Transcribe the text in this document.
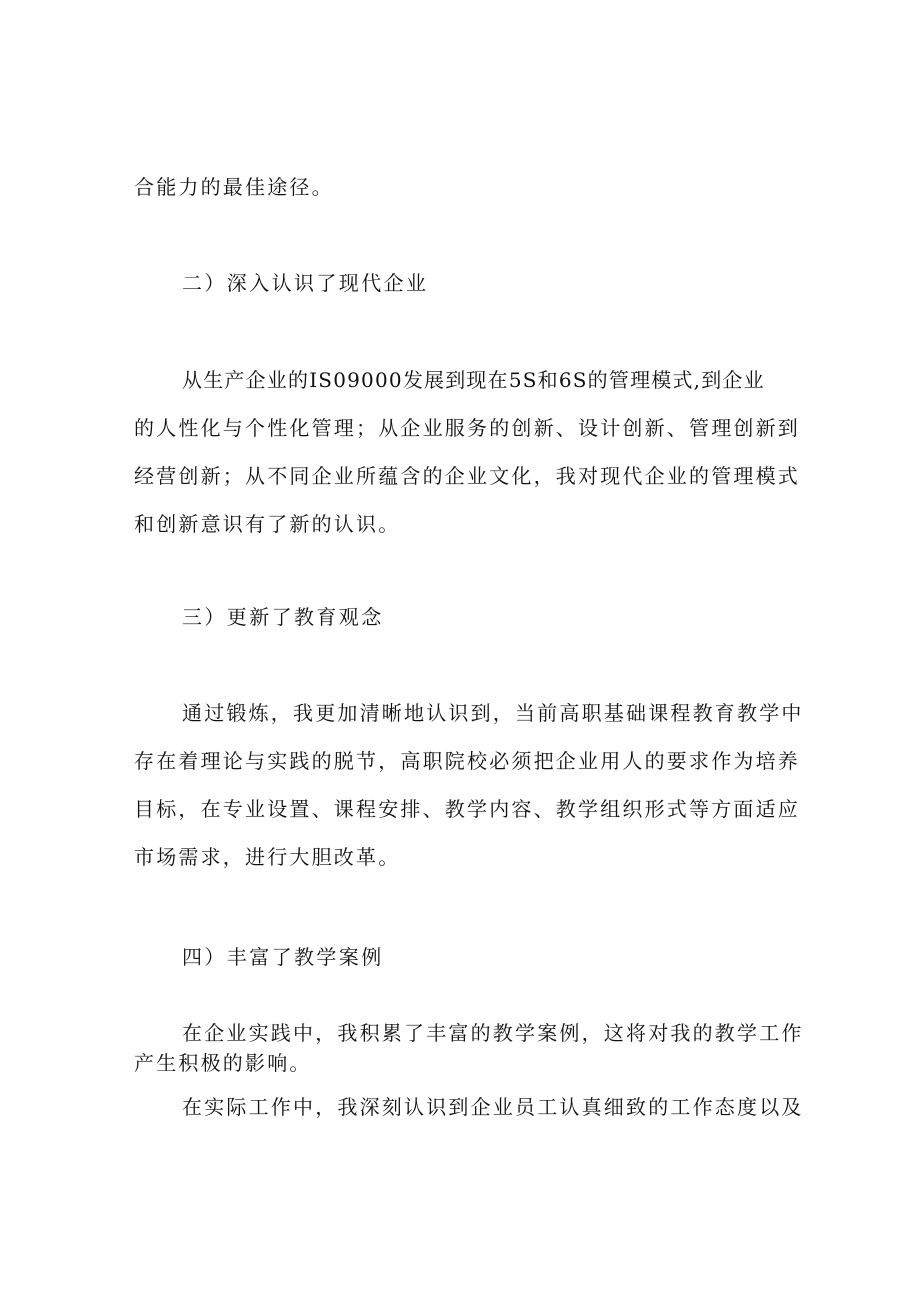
合能力的最佳途径。
二）深入认识了现代企业
从生产企业的IS09000发展到现在5S和6S的管理模式,到企业
的人性化与个性化管理；从企业服务的创新、设计创新、管理创新到
经营创新；从不同企业所蕴含的企业文化，我对现代企业的管理模式
和创新意识有了新的认识。
三）更新了教育观念
通过锻炼，我更加清晰地认识到，当前高职基础课程教育教学中
存在着理论与实践的脱节，高职院校必须把企业用人的要求作为培养
目标，在专业设置、课程安排、教学内容、教学组织形式等方面适应
市场需求，进行大胆改革。
四）丰富了教学案例
在企业实践中，我积累了丰富的教学案例，这将对我的教学工作
产生积极的影响。
在实际工作中，我深刻认识到企业员工认真细致的工作态度以及
